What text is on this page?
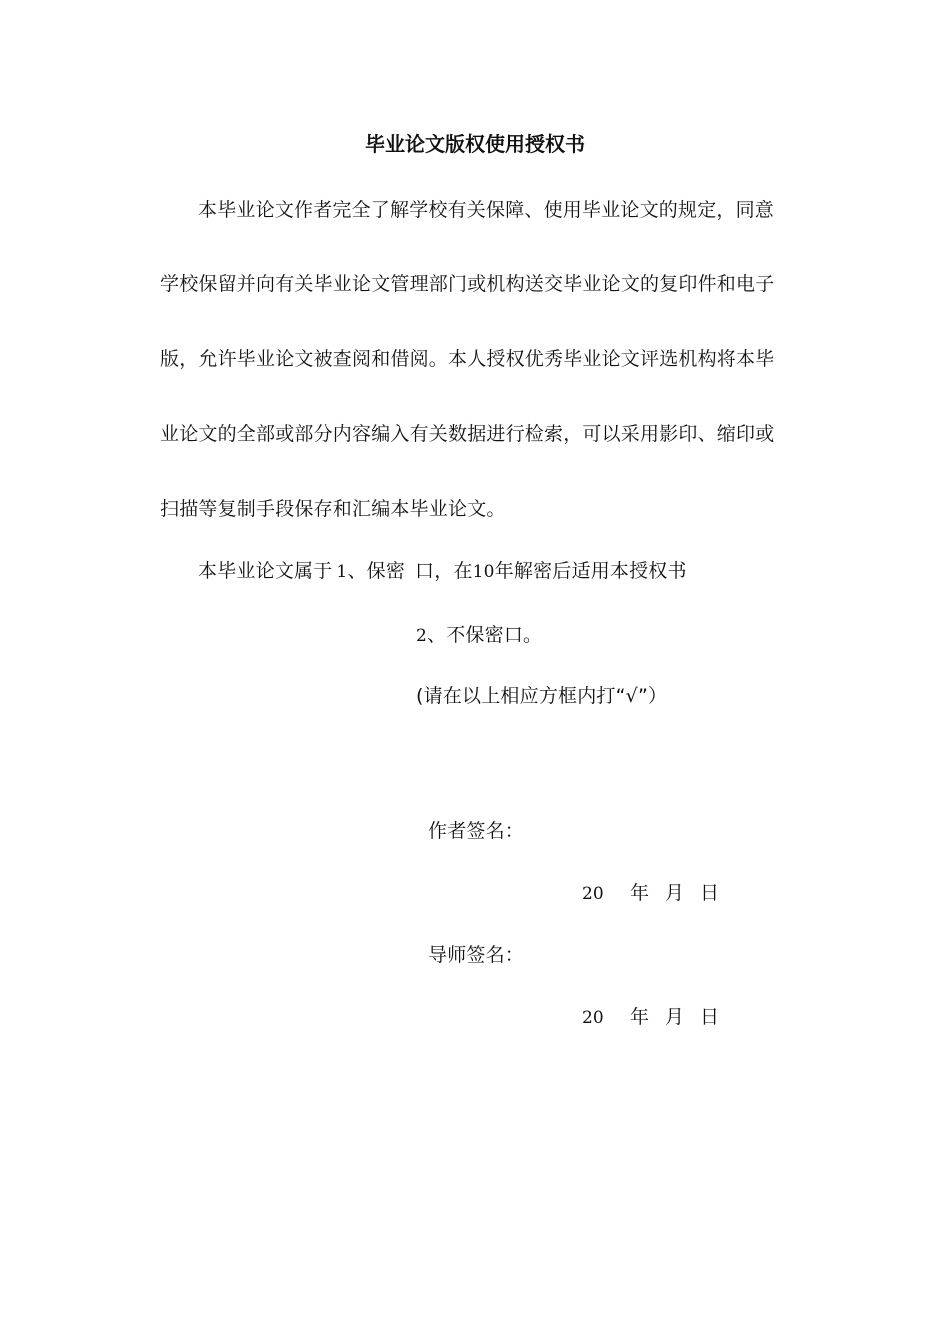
毕业论文版权使用授权书
本毕业论文作者完全了解学校有关保障、使用毕业论文的规定，同意
学校保留并向有关毕业论文管理部门或机构送交毕业论文的复印件和电子
版，允许毕业论文被查阅和借阅。本人授权优秀毕业论文评选机构将本毕
业论文的全部或部分内容编入有关数据进行检索，可以采用影印、缩印或
扫描等复制手段保存和汇编本毕业论文。
本毕业论文属于 1、保密 口，在10年解密后适用本授权书
2、不保密口。
(请在以上相应方框内打“√”）
作者签名：
20 年 月 日
导师签名：
20 年 月 日
